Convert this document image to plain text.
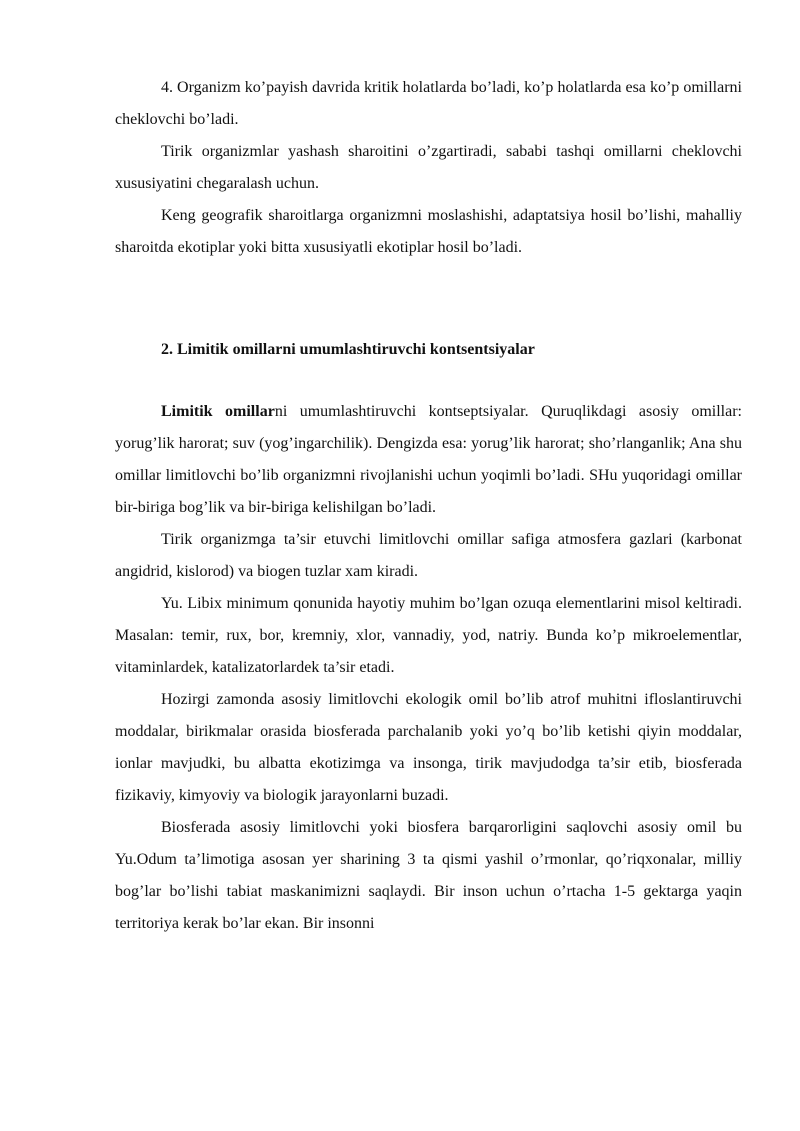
4. Organizm ko’payish davrida kritik holatlarda bo’ladi, ko’p holatlarda esa ko’p omillarni cheklovchi bo’ladi.

Tirik organizmlar yashash sharoitini o’zgartiradi, sababi tashqi omillarni cheklovchi xususiyatini chegaralash uchun.

Keng geografik sharoitlarga organizmni moslashishi, adaptatsiya hosil bo’lishi, mahalliy sharoitda ekotiplar yoki bitta xususiyatli ekotiplar hosil bo’ladi.

2. Limitik omillarni umumlashtiruvchi kontsentsiyalar

Limitik omillarni umumlashtiruvchi kontseptsiyalar. Quruqlikdagi asosiy omillar: yorug’lik harorat; suv (yog’ingarchilik). Dengizda esa: yorug’lik harorat; sho’rlanganlik; Ana shu omillar limitlovchi bo’lib organizmni rivojlanishi uchun yoqimli bo’ladi. SHu yuqoridagi omillar bir-biriga bog’lik va bir-biriga kelishilgan bo’ladi.

Tirik organizmga ta’sir etuvchi limitlovchi omillar safiga atmosfera gazlari (karbonat angidrid, kislorod) va biogen tuzlar xam kiradi.

Yu. Libix minimum qonunida hayotiy muhim bo’lgan ozuqa elementlarini misol keltiradi. Masalan: temir, rux, bor, kremniy, xlor, vannadiy, yod, natriy. Bunda ko’p mikroelementlar, vitaminlardek, katalizatorlardek ta’sir etadi.

Hozirgi zamonda asosiy limitlovchi ekologik omil bo’lib atrof muhitni ifloslantiruvchi moddalar, birikmalar orasida biosferada parchalanib yoki yo’q bo’lib ketishi qiyin moddalar, ionlar mavjudki, bu albatta ekotizimga va insonga, tirik mavjudodga ta’sir etib, biosferada fizikaviy, kimyoviy va biologik jarayonlarni buzadi.

Biosferada asosiy limitlovchi yoki biosfera barqarorligini saqlovchi asosiy omil bu Yu.Odum ta’limotiga asosan yer sharining 3 ta qismi yashil o’rmonlar, qo’riqxonalar, milliy bog’lar bo’lishi tabiat maskanimizni saqlaydi. Bir inson uchun o’rtacha 1-5 gektarga yaqin territoriya kerak bo’lar ekan. Bir insonni
